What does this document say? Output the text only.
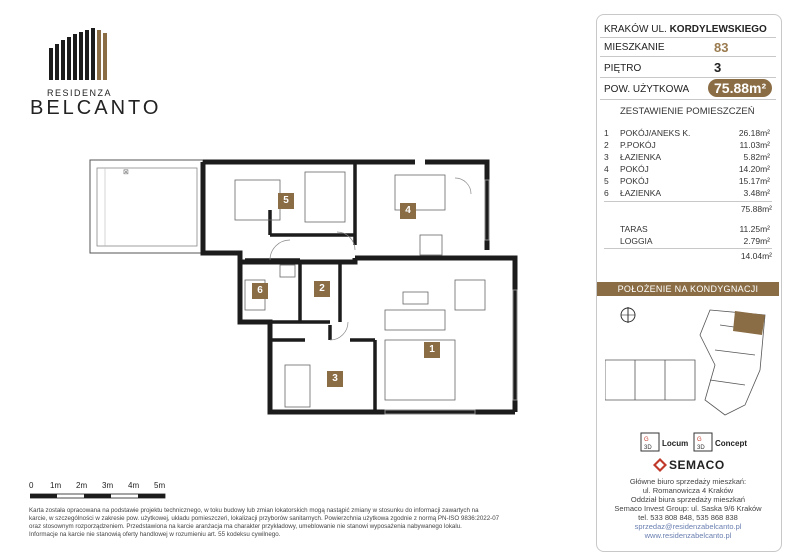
RESIDENZA
BELCANTO
⊠
1
2
3
4
5
6
0 1m 2m 3m 4m 5m
Karta została opracowana na podstawie projektu technicznego, w toku budowy lub zmian lokatorskich mogą nastąpić zmiany w stosunku do informacji zawartych na
karcie, w szczególności w zakresie pow. użytkowej, układu pomieszczeń, lokalizacji przyborów sanitarnych. Powierzchnia użytkowa zgodnie z normą PN-ISO 9836:2022-07
oraz stosownym rozporządzeniem. Przedstawiona na karcie aranżacja ma charakter przykładowy, umeblowanie nie stanowi wyposażenia nabywanego lokalu.
Informacje na karcie nie stanowią oferty handlowej w rozumieniu art. 55 kodeksu cywilnego.
KRAKÓW UL. KORDYLEWSKIEGO
MIESZKANIE	83
PIĘTRO	3
POW. UŻYTKOWA	75.88m²
ZESTAWIENIE POMIESZCZEŃ
1 POKÓJ/ANEKS K.	26.18m²
2 P.POKÓJ	11.03m²
3 ŁAZIENKA	5.82m²
4 POKÓJ	14.20m²
5 POKÓJ	15.17m²
6 ŁAZIENKA	3.48m²
75.88m²
TARAS	11.25m²
LOGGIA	2.79m²
14.04m²
POŁOŻENIE NA KONDYGNACJI
G
3D Locum G
3D Concept
SEMACO
Główne biuro sprzedaży mieszkań:
ul. Romanowicza 4 Kraków
Oddział biura sprzedaży mieszkań
Semaco Invest Group: ul. Saska 9/6 Kraków
tel. 533 808 848, 535 868 838
sprzedaz@residenzabelcanto.pl
www.residenzabelcanto.pl
